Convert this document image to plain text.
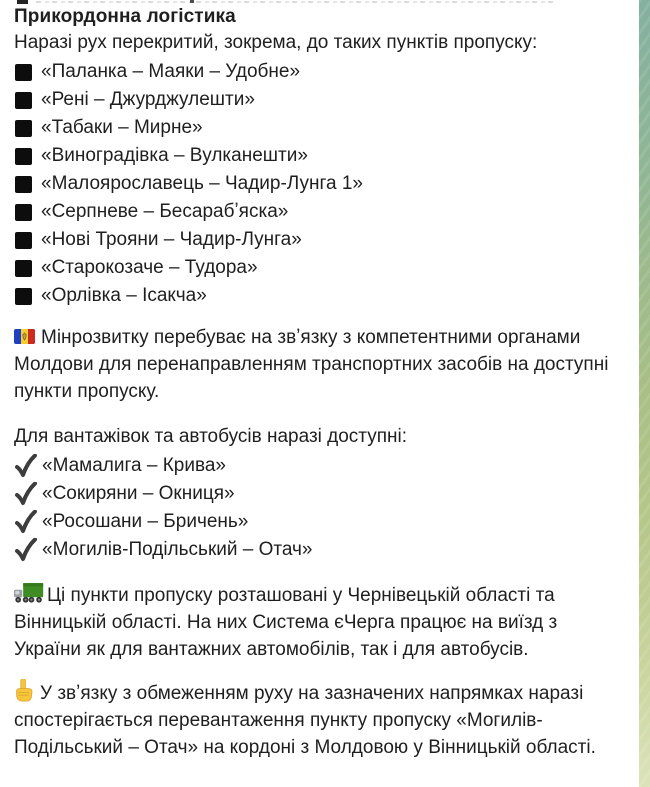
Прикордонна логістика
Наразі рух перекритий, зокрема, до таких пунктів пропуску:
«Паланка – Маяки – Удобне»
«Рені – Джурджулешти»
«Табаки – Мирне»
«Виноградівка – Вулканешти»
«Малоярославець – Чадир-Лунга 1»
«Серпневе – Бесарабʼяска»
«Нові Трояни – Чадир-Лунга»
«Старокозаче – Тудора»
«Орлівка – Ісакча»
Мінрозвитку перебуває на звʼязку з компетентними органами Молдови для перенаправленням транспортних засобів на доступні пункти пропуску.
Для вантажівок та автобусів наразі доступні:
«Мамалига – Крива»
«Сокиряни – Окниця»
«Росошани – Бричень»
«Могилів-Подільський – Отач»
Ці пункти пропуску розташовані у Чернівецькій області та Вінницькій області. На них Система єЧерга працює на виїзд з України як для вантажних автомобілів, так і для автобусів.
У звʼязку з обмеженням руху на зазначених напрямках наразі спостерігається перевантаження пункту пропуску «Могилів-Подільський – Отач» на кордоні з Молдовою у Вінницькій області.
